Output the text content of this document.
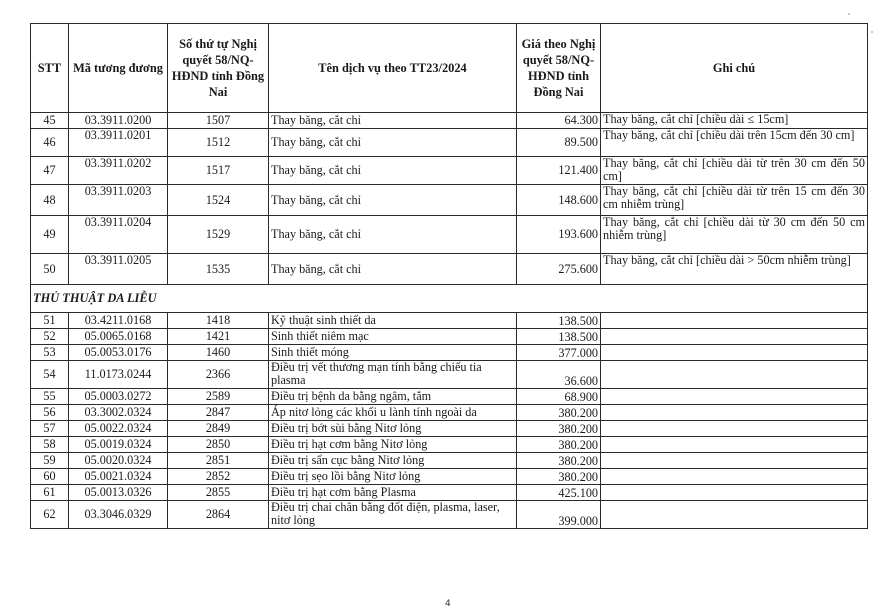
STT	Mã tương đương	Số thứ tự Nghị quyết 58/NQ-HĐND tỉnh Đồng Nai	Tên dịch vụ theo TT23/2024	Giá theo Nghị quyết 58/NQ-HĐND tỉnh Đồng Nai	Ghi chú
45	03.3911.0200	1507	Thay băng, cắt chỉ	64.300	Thay băng, cắt chỉ [chiều dài ≤ 15cm]
46	03.3911.0201	1512	Thay băng, cắt chỉ	89.500	Thay băng, cắt chỉ [chiều dài trên 15cm đến 30 cm]
47	03.3911.0202	1517	Thay băng, cắt chỉ	121.400	Thay băng, cắt chỉ [chiều dài từ trên 30 cm đến 50 cm]
48	03.3911.0203	1524	Thay băng, cắt chỉ	148.600	Thay băng, cắt chỉ [chiều dài từ trên 15 cm đến 30 cm nhiễm trùng]
49	03.3911.0204	1529	Thay băng, cắt chỉ	193.600	Thay băng, cắt chỉ [chiều dài từ 30 cm đến 50 cm nhiễm trùng]
50	03.3911.0205	1535	Thay băng, cắt chỉ	275.600	Thay băng, cắt chỉ [chiều dài > 50cm nhiễm trùng]
THỦ THUẬT DA LIỄU					
51	03.4211.0168	1418	Kỹ thuật sinh thiết da	138.500	
52	05.0065.0168	1421	Sinh thiết niêm mạc	138.500	
53	05.0053.0176	1460	Sinh thiết móng	377.000	
54	11.0173.0244	2366	Điều trị vết thương mạn tính bằng chiếu tia plasma	36.600	
55	05.0003.0272	2589	Điều trị bệnh da bằng ngâm, tắm	68.900	
56	03.3002.0324	2847	Áp nitơ lỏng các khối u lành tính ngoài da	380.200	
57	05.0022.0324	2849	Điều trị bớt sùi bằng Nitơ lỏng	380.200	
58	05.0019.0324	2850	Điều trị hạt cơm bằng Nitơ lỏng	380.200	
59	05.0020.0324	2851	Điều trị sẩn cục bằng Nitơ lỏng	380.200	
60	05.0021.0324	2852	Điều trị sẹo lồi bằng Nitơ lỏng	380.200	
61	05.0013.0326	2855	Điều trị hạt cơm bằng Plasma	425.100	
62	03.3046.0329	2864	Điều trị chai chân bằng đốt điện, plasma, laser, nitơ lỏng	399.000	
4
